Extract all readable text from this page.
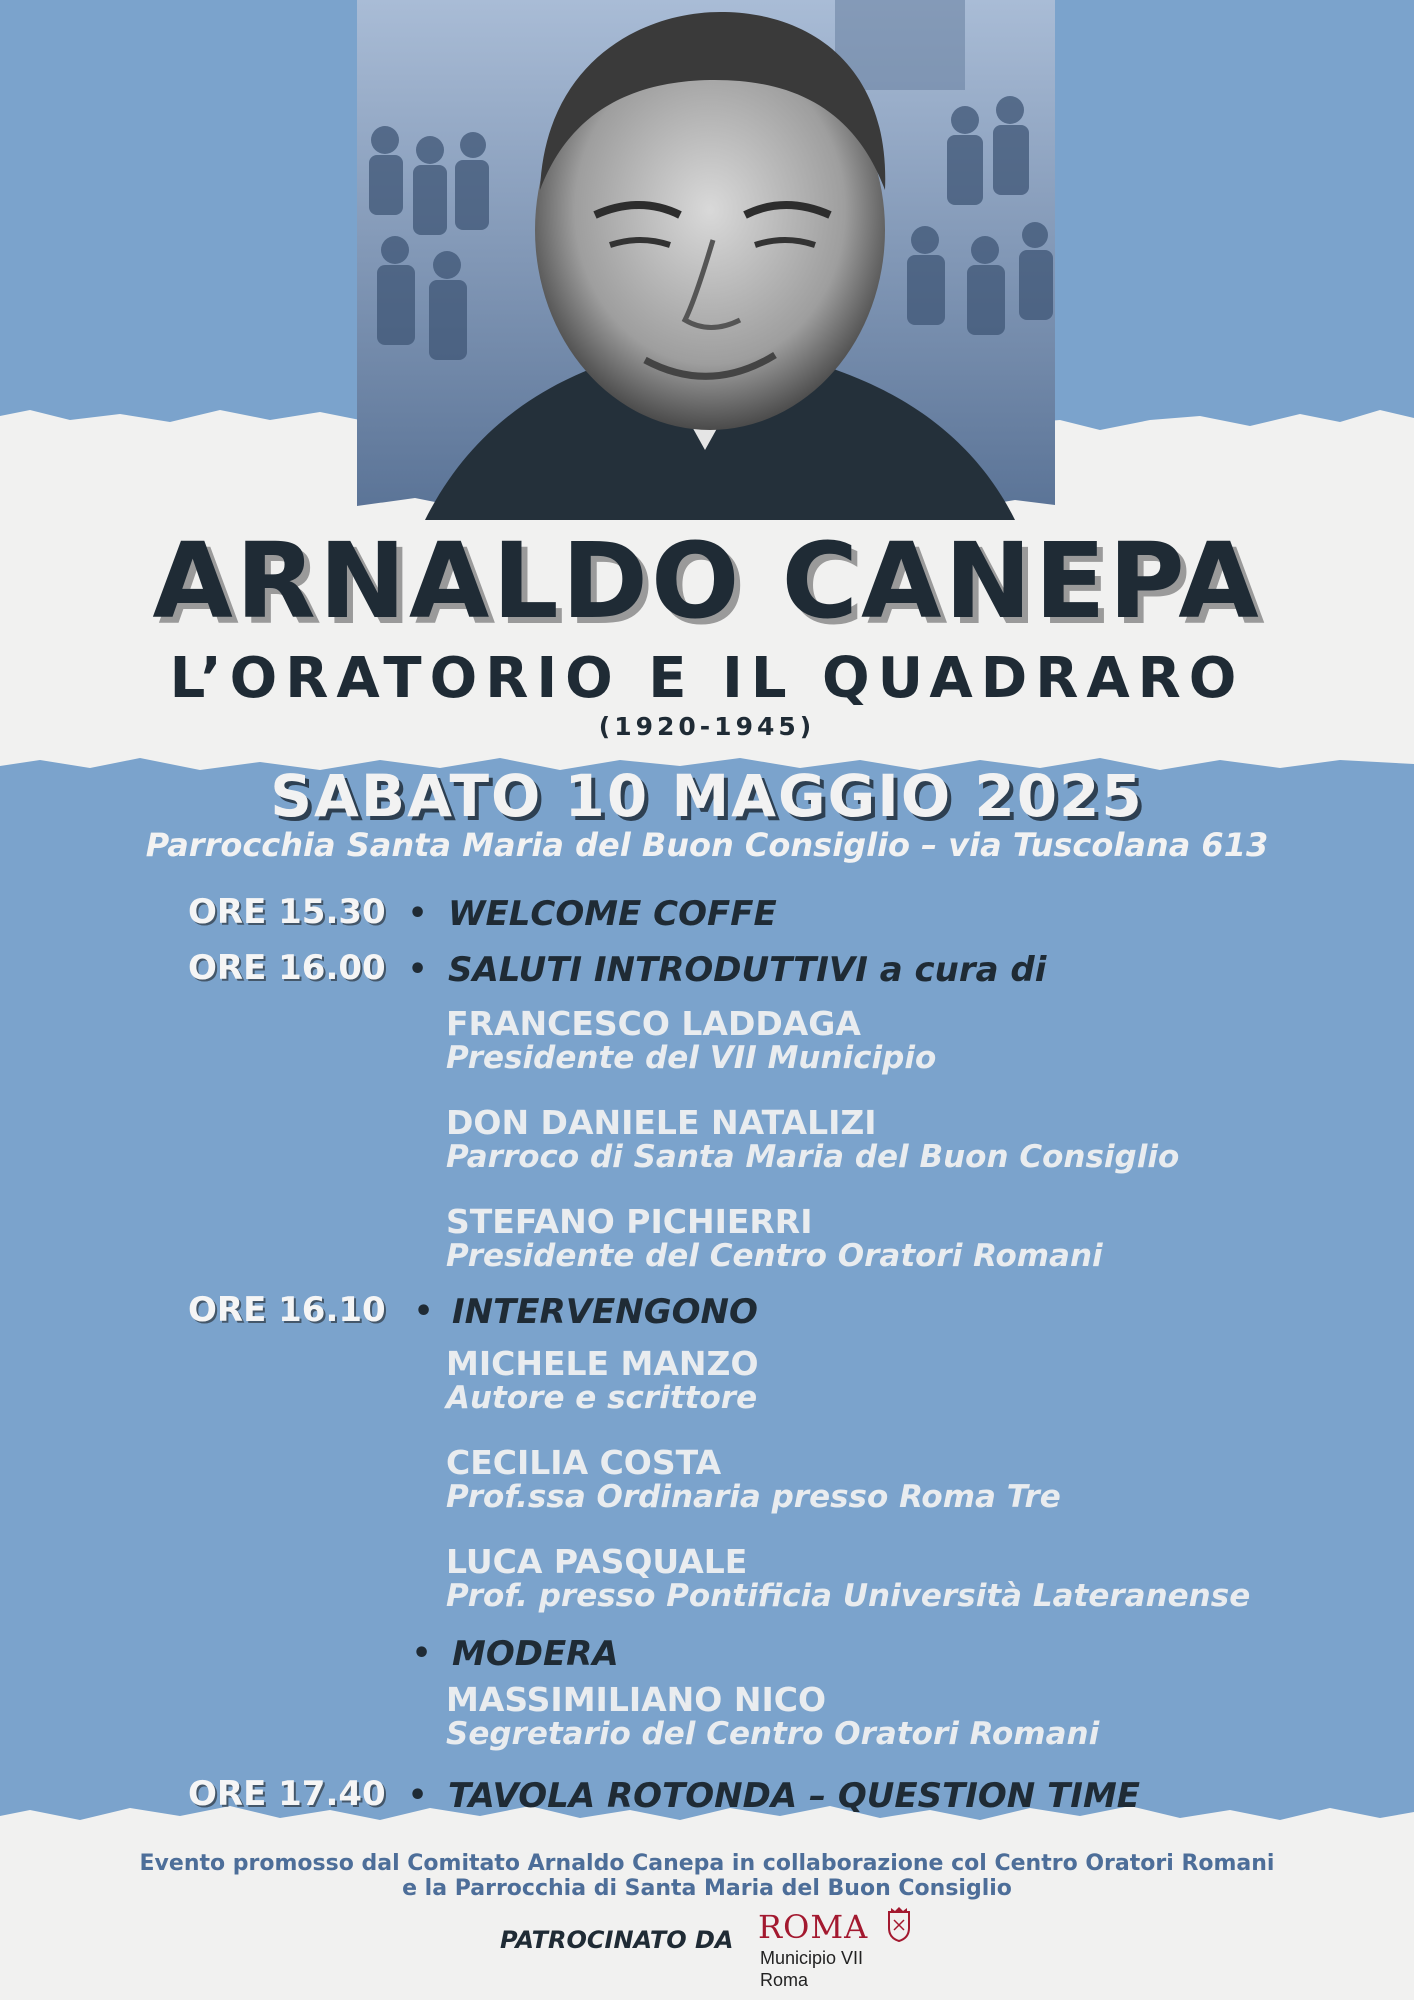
ARNALDO CANEPA
L’ORATORIO E IL QUADRARO
(1920-1945)
SABATO 10 MAGGIO 2025
Parrocchia Santa Maria del Buon Consiglio – via Tuscolana 613
ORE 15.30 • WELCOME COFFE
ORE 16.00 • SALUTI INTRODUTTIVI a cura di
FRANCESCO LADDAGA
Presidente del VII Municipio
DON DANIELE NATALIZI
Parroco di Santa Maria del Buon Consiglio
STEFANO PICHIERRI
Presidente del Centro Oratori Romani
ORE 16.10 • INTERVENGONO
MICHELE MANZO
Autore e scrittore
CECILIA COSTA
Prof.ssa Ordinaria presso Roma Tre
LUCA PASQUALE
Prof. presso Pontificia Università Lateranense
• MODERA
MASSIMILIANO NICO
Segretario del Centro Oratori Romani
ORE 17.40 • TAVOLA ROTONDA – QUESTION TIME
Evento promosso dal Comitato Arnaldo Canepa in collaborazione col Centro Oratori Romani
e la Parrocchia di Santa Maria del Buon Consiglio
PATROCINATO DA ROMA
Municipio VII
Roma
